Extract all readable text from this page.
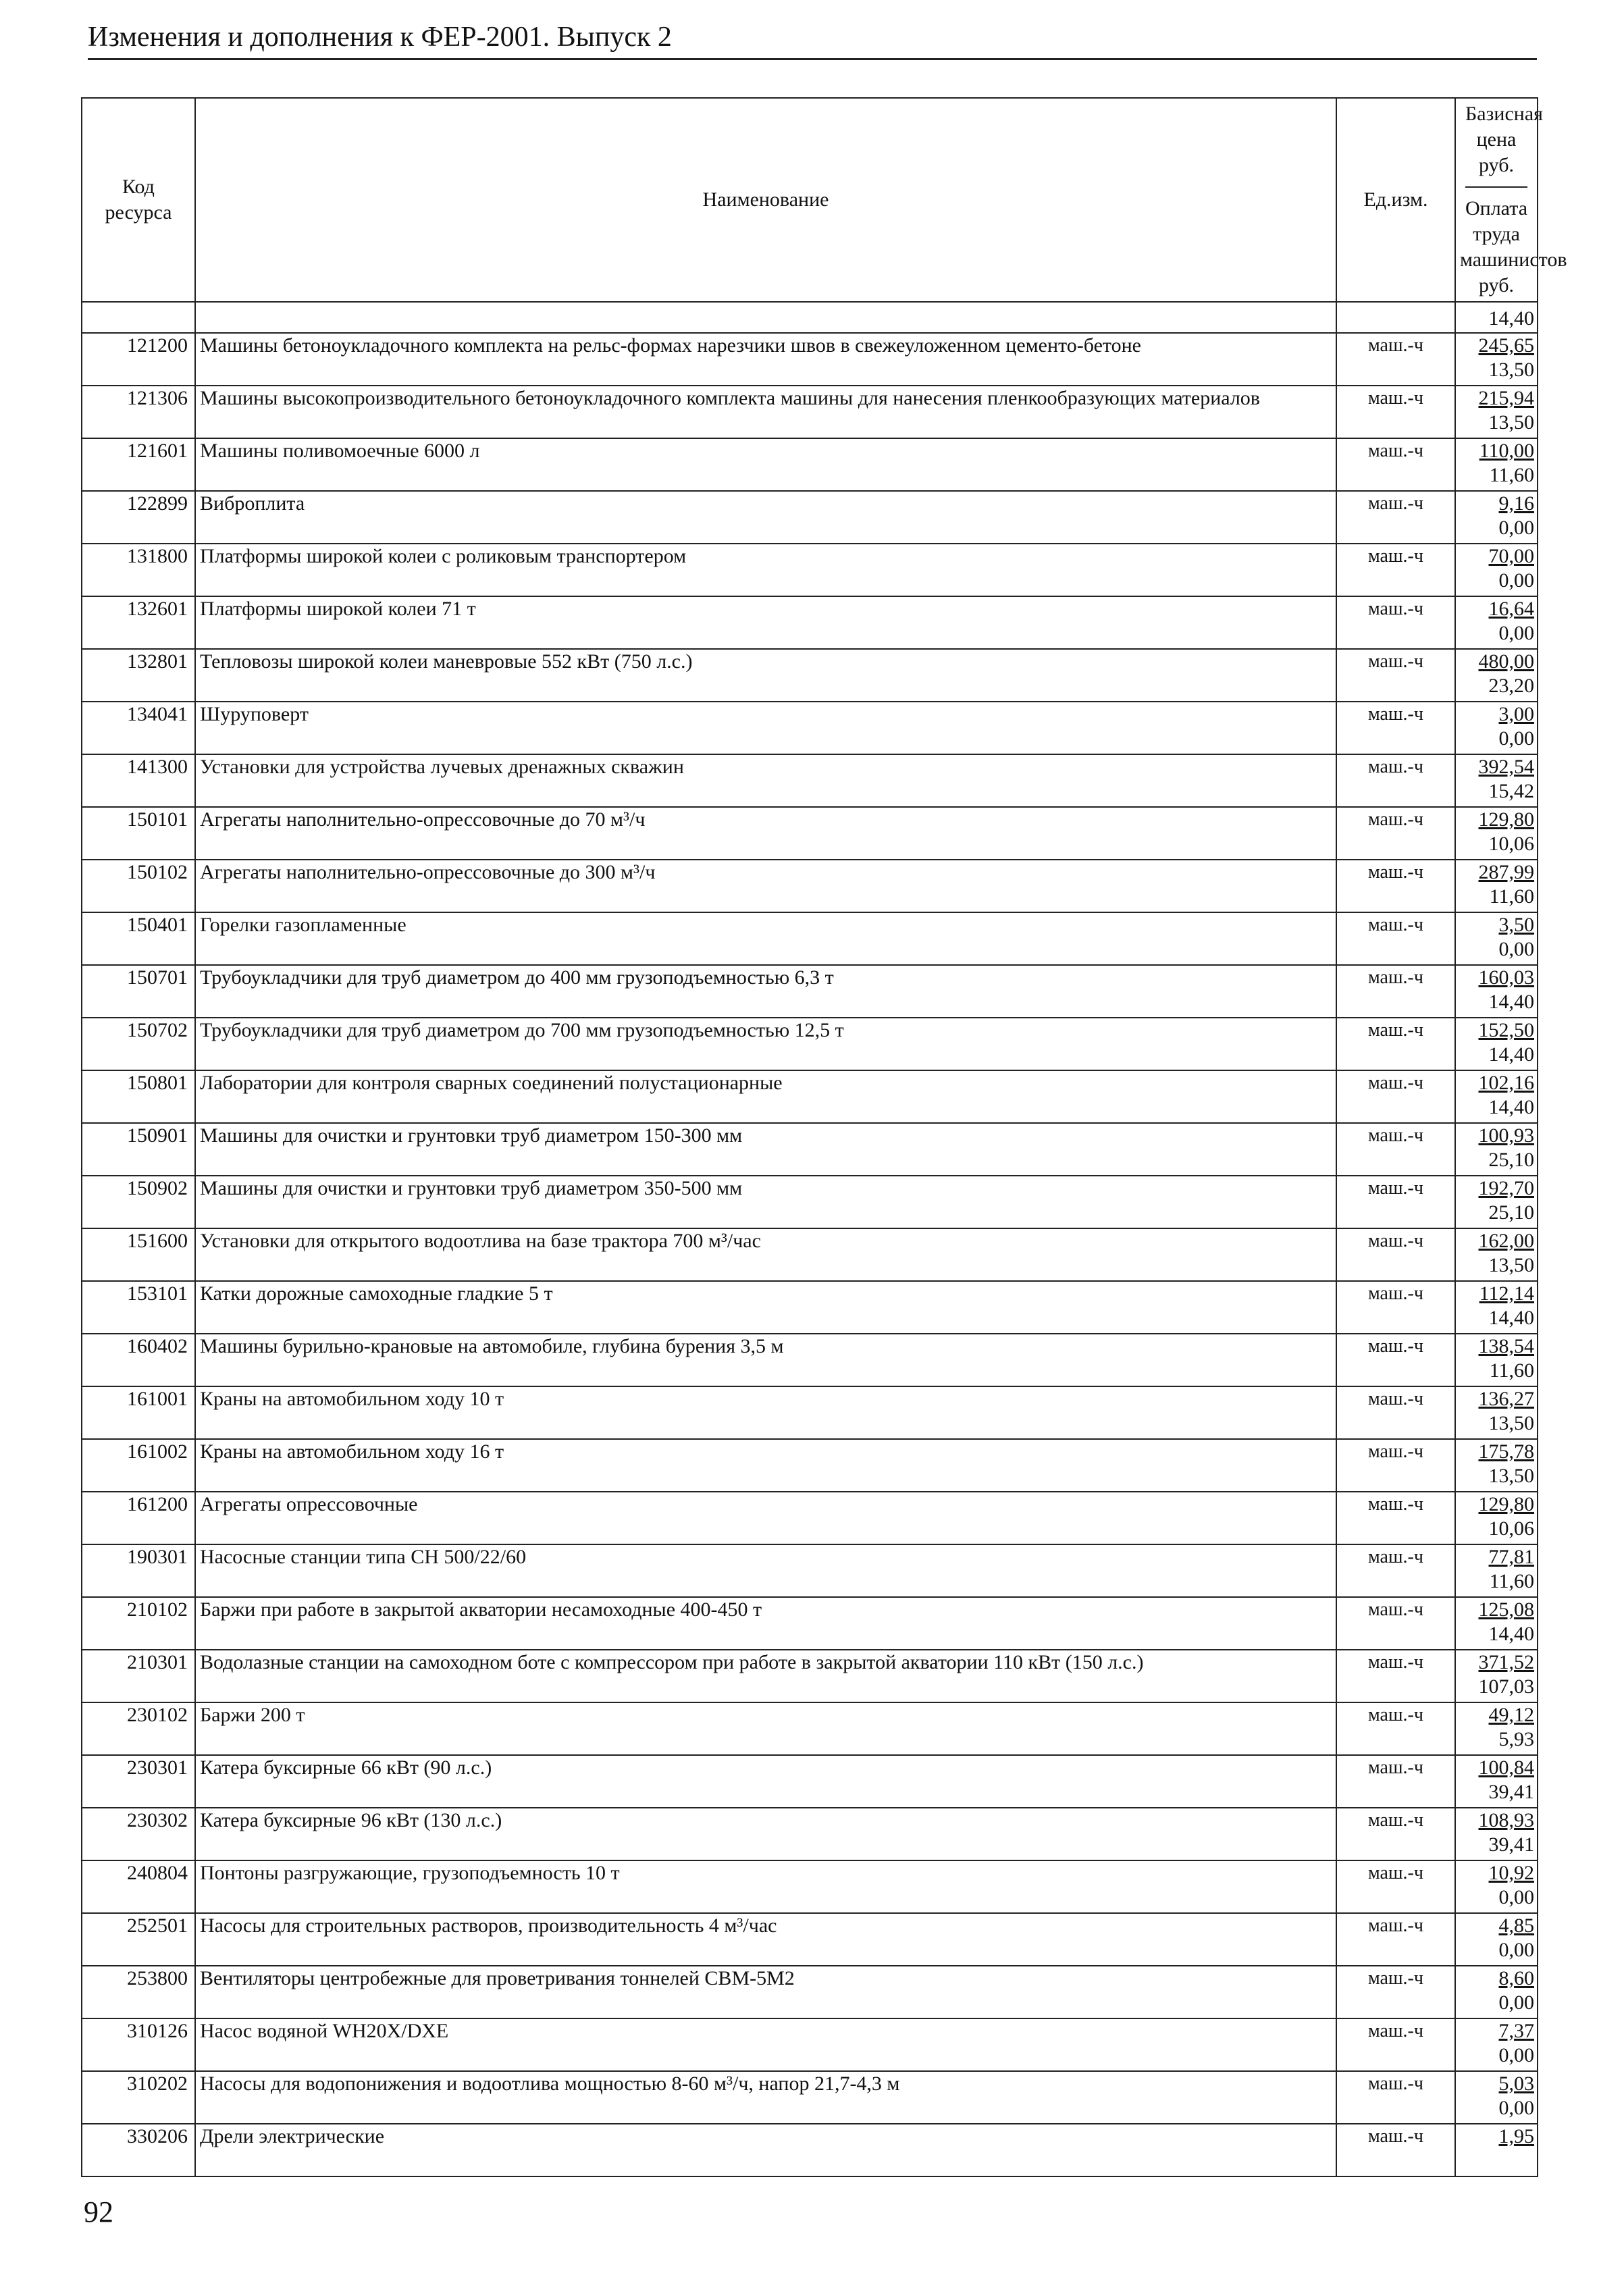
Изменения и дополнения к ФЕР-2001. Выпуск 2
Код ресурса	Наименование	Ед.изм.	Базисная цена руб.
Оплата труда машинистов руб.
			14,40
121200	Машины бетоноукладочного комплекта на рельс-формах нарезчики швов в свежеуложенном цементо-бетоне	маш.-ч	245,65
13,50

121306	Машины высокопроизводительного бетоноукладочного комплекта машины для нанесения пленкообразующих материалов	маш.-ч	215,94
13,50

121601	Машины поливомоечные 6000 л	маш.-ч	110,00
11,60

122899	Виброплита	маш.-ч	9,16
0,00

131800	Платформы широкой колеи с роликовым транспортером	маш.-ч	70,00
0,00

132601	Платформы широкой колеи 71 т	маш.-ч	16,64
0,00

132801	Тепловозы широкой колеи маневровые 552 кВт (750 л.с.)	маш.-ч	480,00
23,20

134041	Шуруповерт	маш.-ч	3,00
0,00

141300	Установки для устройства лучевых дренажных скважин	маш.-ч	392,54
15,42

150101	Агрегаты наполнительно-опрессовочные до 70 м³/ч	маш.-ч	129,80
10,06

150102	Агрегаты наполнительно-опрессовочные до 300 м³/ч	маш.-ч	287,99
11,60

150401	Горелки газопламенные	маш.-ч	3,50
0,00

150701	Трубоукладчики для труб диаметром до 400 мм грузоподъемностью 6,3 т	маш.-ч	160,03
14,40

150702	Трубоукладчики для труб диаметром до 700 мм грузоподъемностью 12,5 т	маш.-ч	152,50
14,40

150801	Лаборатории для контроля сварных соединений полустационарные	маш.-ч	102,16
14,40

150901	Машины для очистки и грунтовки труб диаметром 150-300 мм	маш.-ч	100,93
25,10

150902	Машины для очистки и грунтовки труб диаметром 350-500 мм	маш.-ч	192,70
25,10

151600	Установки для открытого водоотлива на базе трактора 700 м³/час	маш.-ч	162,00
13,50

153101	Катки дорожные самоходные гладкие 5 т	маш.-ч	112,14
14,40

160402	Машины бурильно-крановые на автомобиле, глубина бурения 3,5 м	маш.-ч	138,54
11,60

161001	Краны на автомобильном ходу 10 т	маш.-ч	136,27
13,50

161002	Краны на автомобильном ходу 16 т	маш.-ч	175,78
13,50

161200	Агрегаты опрессовочные	маш.-ч	129,80
10,06

190301	Насосные станции типа СН 500/22/60	маш.-ч	77,81
11,60

210102	Баржи при работе в закрытой акватории несамоходные 400-450 т	маш.-ч	125,08
14,40

210301	Водолазные станции на самоходном боте с компрессором при работе в закрытой акватории 110 кВт (150 л.с.)	маш.-ч	371,52
107,03

230102	Баржи 200 т	маш.-ч	49,12
5,93

230301	Катера буксирные 66 кВт (90 л.с.)	маш.-ч	100,84
39,41

230302	Катера буксирные 96 кВт (130 л.с.)	маш.-ч	108,93
39,41

240804	Понтоны разгружающие, грузоподъемность 10 т	маш.-ч	10,92
0,00

252501	Насосы для строительных растворов, производительность 4 м³/час	маш.-ч	4,85
0,00

253800	Вентиляторы центробежные для проветривания тоннелей СВМ-5М2	маш.-ч	8,60
0,00

310126	Насос водяной WH20X/DXE	маш.-ч	7,37
0,00

310202	Насосы для водопонижения и водоотлива мощностью 8-60 м³/ч, напор 21,7-4,3 м	маш.-ч	5,03
0,00

330206	Дрели электрические	маш.-ч	1,95
92
